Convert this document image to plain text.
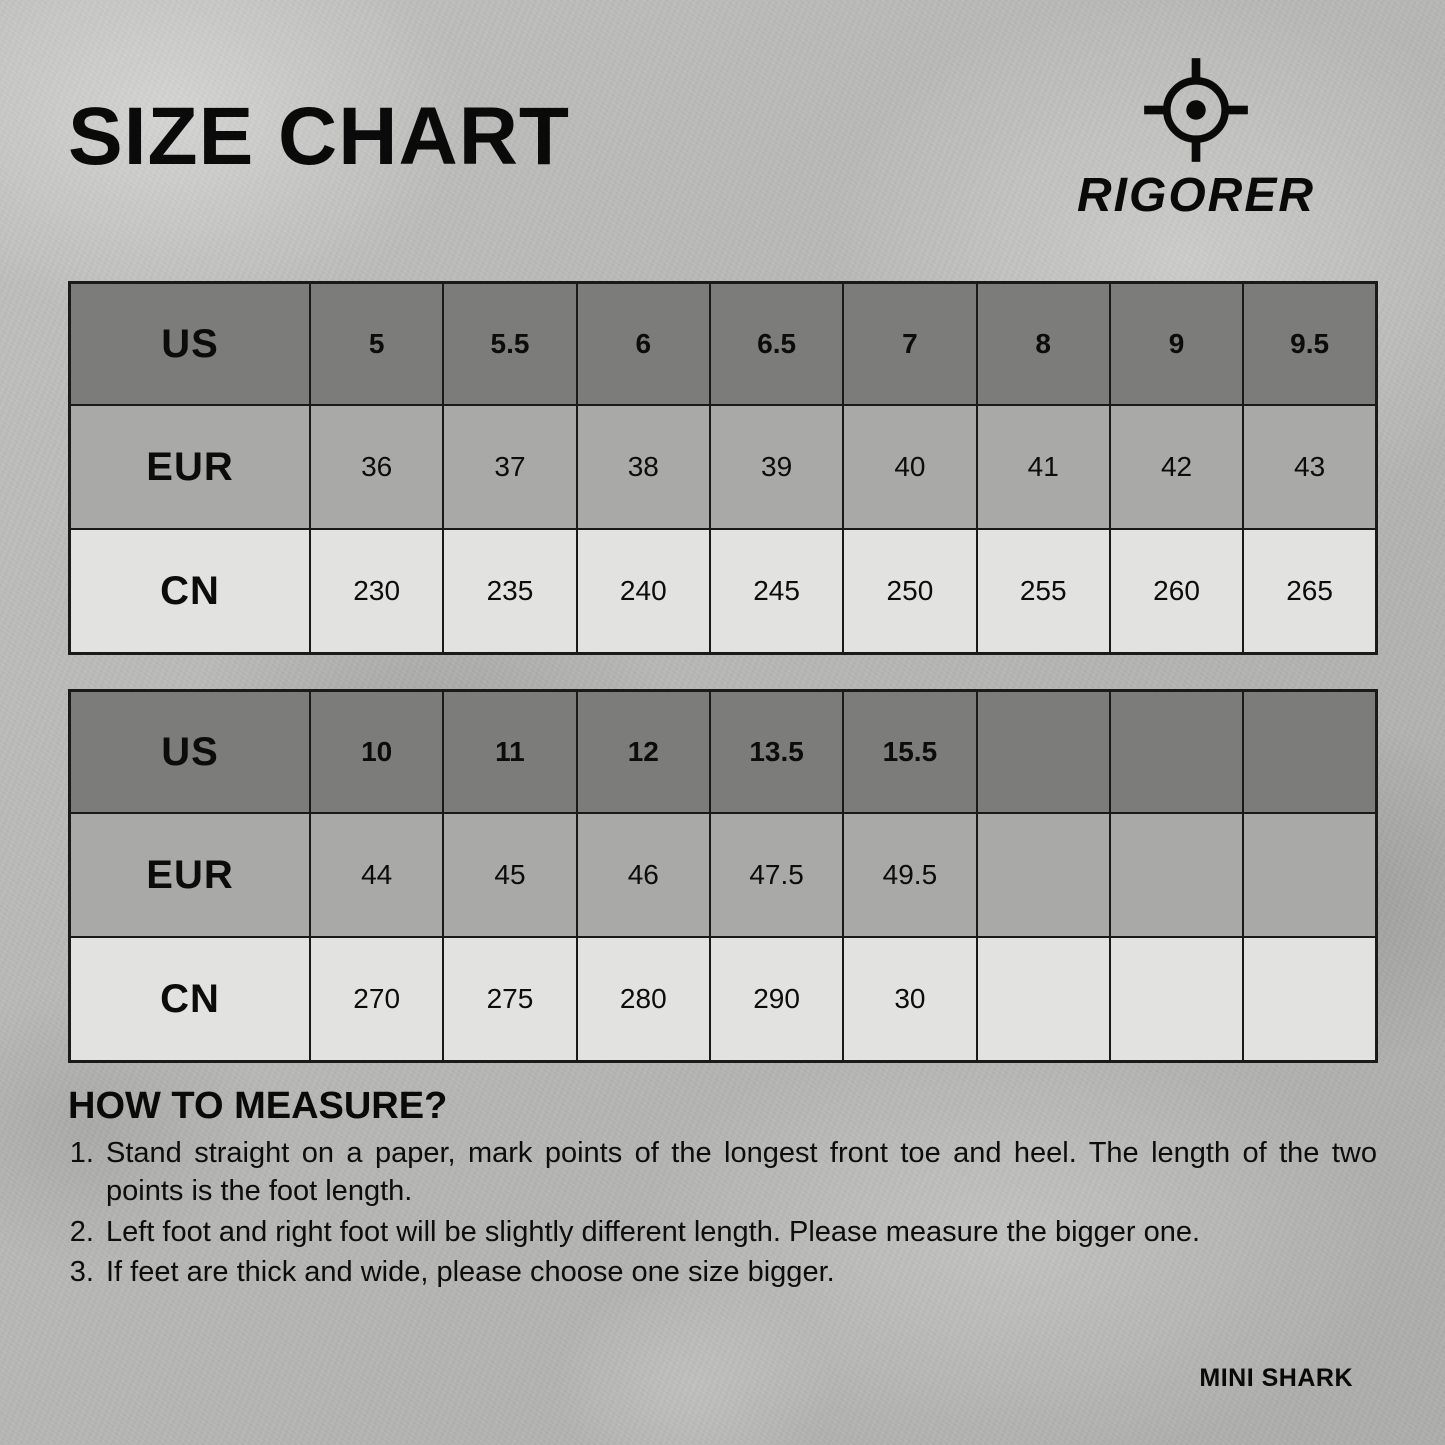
SIZE CHART
RIGORER
US	5	5.5	6	6.5	7	8	9	9.5
EUR	36	37	38	39	40	41	42	43
CN	230	235	240	245	250	255	260	265
US	10	11	12	13.5	15.5			
EUR	44	45	46	47.5	49.5			
CN	270	275	280	290	30			
HOW TO MEASURE?
1. Stand straight on a paper, mark points of the longest front toe and heel. The length of the two points is the foot length.
2. Left foot and right foot will be slightly different length. Please measure the bigger one.
3. If feet are thick and wide, please choose one size bigger.
MINI SHARK
